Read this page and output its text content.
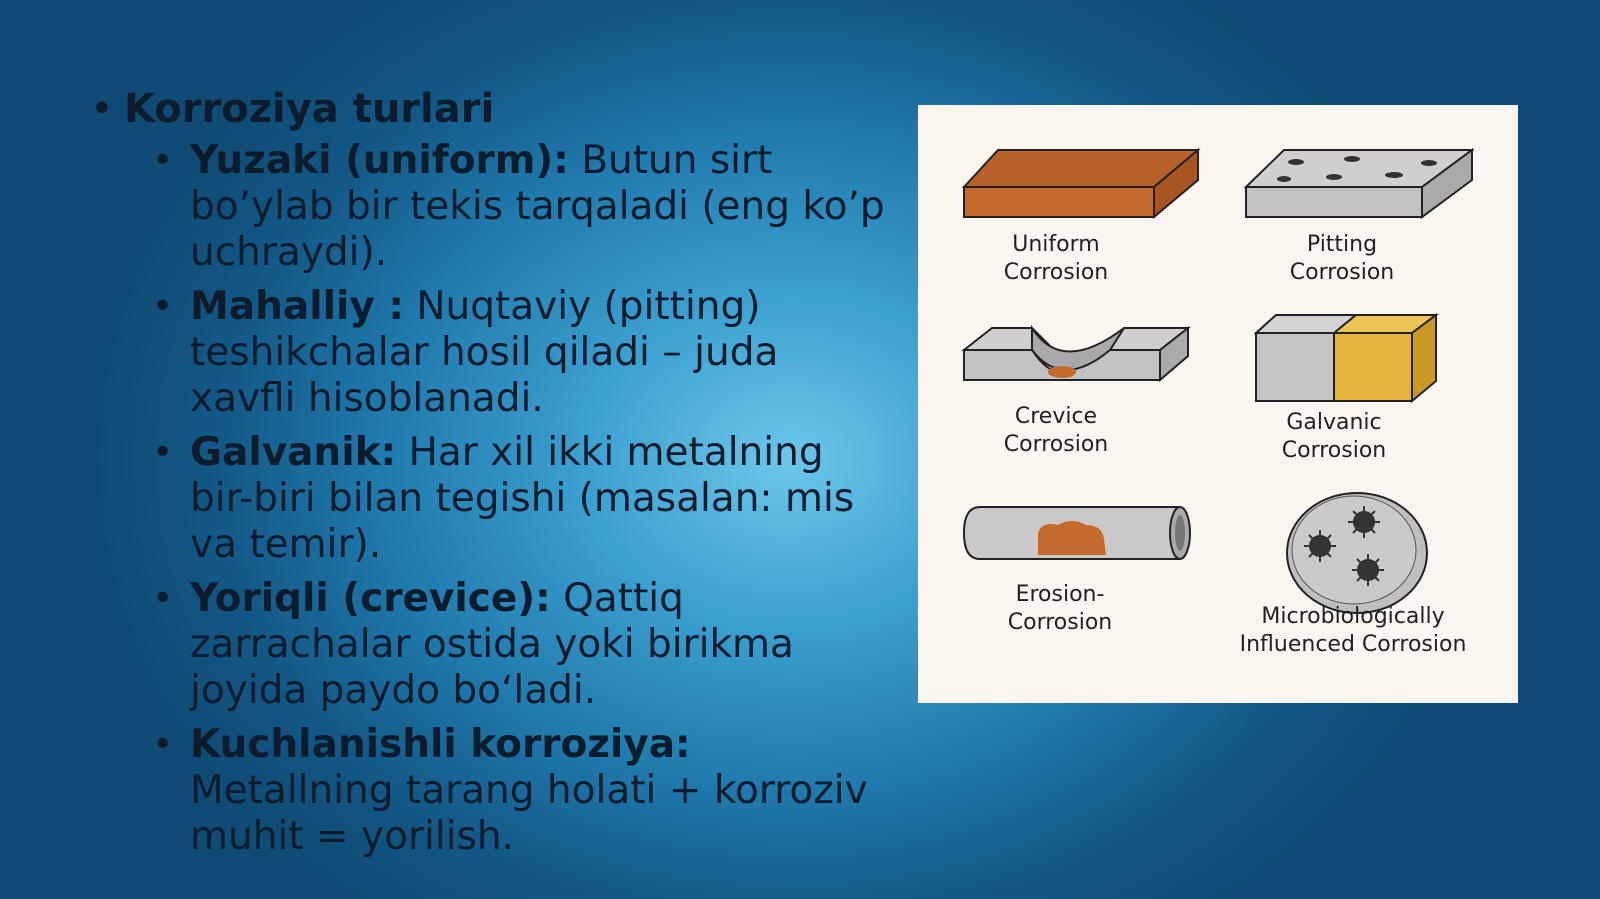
• Korroziya turlari
• Yuzaki (uniform): Butun sirt bo’ylab bir tekis tarqaladi (eng ko’p uchraydi).
• Mahalliy : Nuqtaviy (pitting) teshikchalar hosil qiladi – juda xavfli hisoblanadi.
• Galvanik: Har xil ikki metalning bir-biri bilan tegishi (masalan: mis va temir).
• Yoriqli (crevice): Qattiq zarrachalar ostida yoki birikma joyida paydo bo‘ladi.
• Kuchlanishli korroziya: Metallning tarang holati + korroziv muhit = yorilish.
Uniform
Corrosion
Pitting
Corrosion
Crevice
Corrosion
Galvanic
Corrosion
Erosion-
Corrosion	Microbiologically
Influenced Corrosion
